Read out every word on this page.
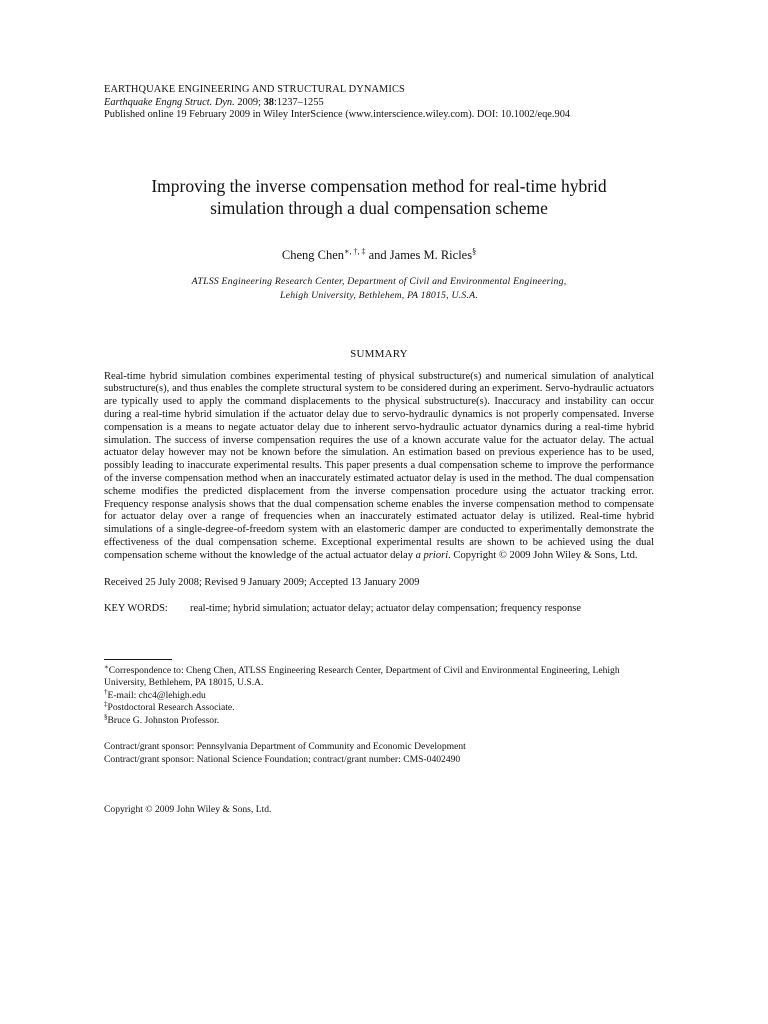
EARTHQUAKE ENGINEERING AND STRUCTURAL DYNAMICS
Earthquake Engng Struct. Dyn. 2009; 38:1237–1255
Published online 19 February 2009 in Wiley InterScience (www.interscience.wiley.com). DOI: 10.1002/eqe.904
Improving the inverse compensation method for real-time hybrid
simulation through a dual compensation scheme
Cheng Chen∗, †, ‡ and James M. Ricles§
ATLSS Engineering Research Center, Department of Civil and Environmental Engineering,
Lehigh University, Bethlehem, PA 18015, U.S.A.
SUMMARY
Real-time hybrid simulation combines experimental testing of physical substructure(s) and numerical simulation of analytical substructure(s), and thus enables the complete structural system to be considered during an experiment. Servo-hydraulic actuators are typically used to apply the command displacements to the physical substructure(s). Inaccuracy and instability can occur during a real-time hybrid simulation if the actuator delay due to servo-hydraulic dynamics is not properly compensated. Inverse compensation is a means to negate actuator delay due to inherent servo-hydraulic actuator dynamics during a real-time hybrid simulation. The success of inverse compensation requires the use of a known accurate value for the actuator delay. The actual actuator delay however may not be known before the simulation. An estimation based on previous experience has to be used, possibly leading to inaccurate experimental results. This paper presents a dual compensation scheme to improve the performance of the inverse compensation method when an inaccurately estimated actuator delay is used in the method. The dual compensation scheme modifies the predicted displacement from the inverse compensation procedure using the actuator tracking error. Frequency response analysis shows that the dual compensation scheme enables the inverse compensation method to compensate for actuator delay over a range of frequencies when an inaccurately estimated actuator delay is utilized. Real-time hybrid simulations of a single-degree-of-freedom system with an elastomeric damper are conducted to experimentally demonstrate the effectiveness of the dual compensation scheme. Exceptional experimental results are shown to be achieved using the dual compensation scheme without the knowledge of the actual actuator delay a priori. Copyright © 2009 John Wiley & Sons, Ltd.
Received 25 July 2008; Revised 9 January 2009; Accepted 13 January 2009
KEY WORDS:	real-time; hybrid simulation; actuator delay; actuator delay compensation; frequency response
∗Correspondence to: Cheng Chen, ATLSS Engineering Research Center, Department of Civil and Environmental Engineering, Lehigh University, Bethlehem, PA 18015, U.S.A.
†E-mail: chc4@lehigh.edu
‡Postdoctoral Research Associate.
§Bruce G. Johnston Professor.
Contract/grant sponsor: Pennsylvania Department of Community and Economic Development
Contract/grant sponsor: National Science Foundation; contract/grant number: CMS-0402490
Copyright © 2009 John Wiley & Sons, Ltd.
